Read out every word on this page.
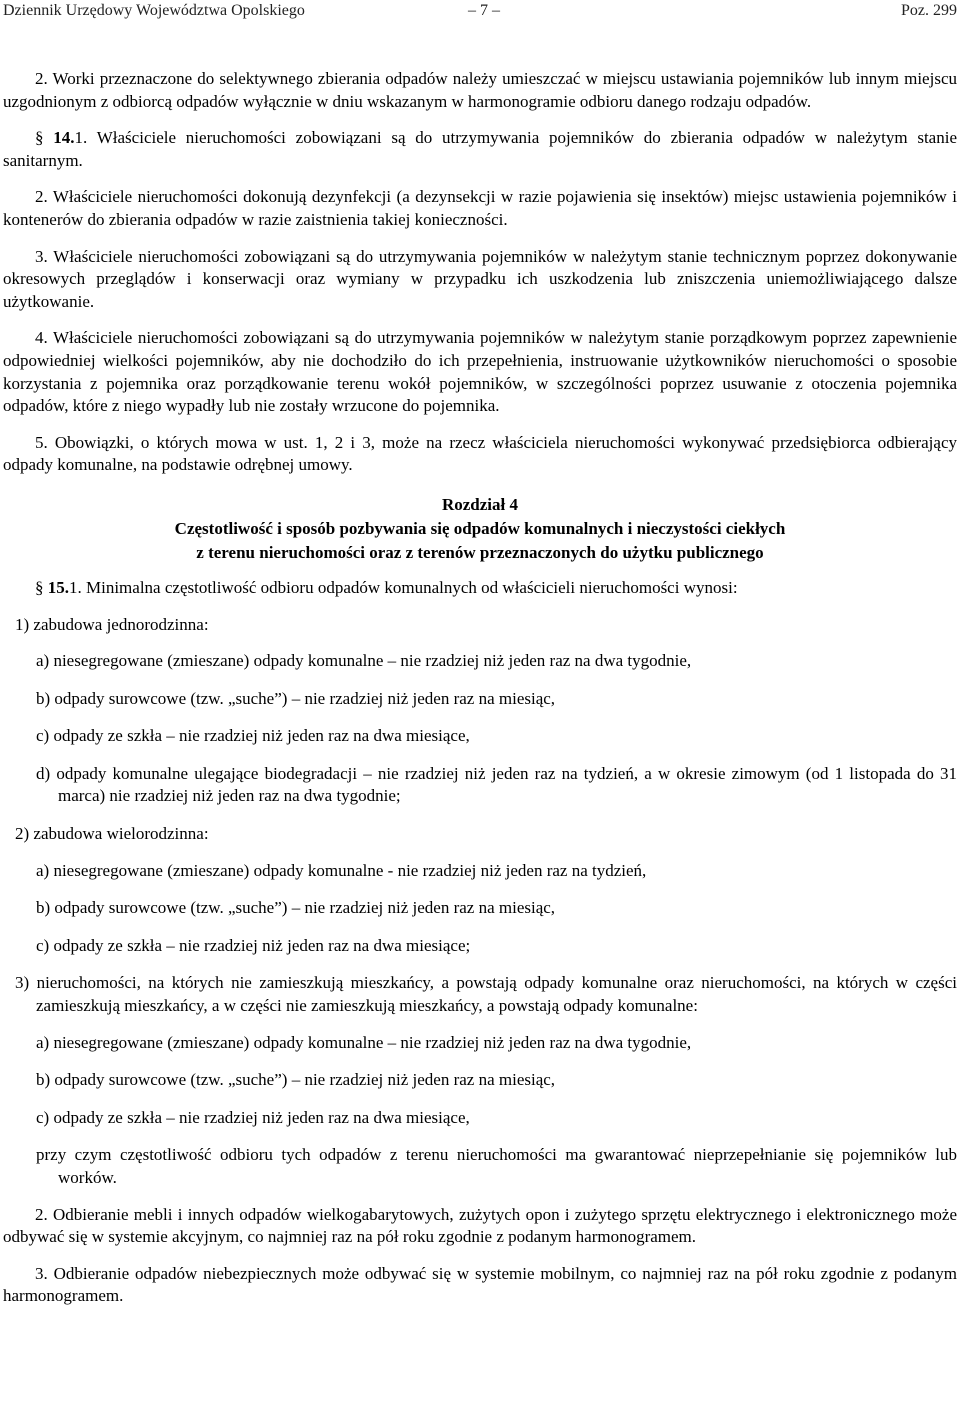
Dziennik Urzędowy Województwa Opolskiego	– 7 –	Poz. 299

2. Worki przeznaczone do selektywnego zbierania odpadów należy umieszczać w miejscu ustawiania pojemników lub innym miejscu uzgodnionym z odbiorcą odpadów wyłącznie w dniu wskazanym w harmonogramie odbioru danego rodzaju odpadów.

§ 14.1. Właściciele nieruchomości zobowiązani są do utrzymywania pojemników do zbierania odpadów w należytym stanie sanitarnym.

2. Właściciele nieruchomości dokonują dezynfekcji (a dezynsekcji w razie pojawienia się insektów) miejsc ustawienia pojemników i kontenerów do zbierania odpadów w razie zaistnienia takiej konieczności.

3. Właściciele nieruchomości zobowiązani są do utrzymywania pojemników w należytym stanie technicznym poprzez dokonywanie okresowych przeglądów i konserwacji oraz wymiany w przypadku ich uszkodzenia lub zniszczenia uniemożliwiającego dalsze użytkowanie.

4. Właściciele nieruchomości zobowiązani są do utrzymywania pojemników w należytym stanie porządkowym poprzez zapewnienie odpowiedniej wielkości pojemników, aby nie dochodziło do ich przepełnienia, instruowanie użytkowników nieruchomości o sposobie korzystania z pojemnika oraz porządkowanie terenu wokół pojemników, w szczególności poprzez usuwanie z otoczenia pojemnika odpadów, które z niego wypadły lub nie zostały wrzucone do pojemnika.

5. Obowiązki, o których mowa w ust. 1, 2 i 3, może na rzecz właściciela nieruchomości wykonywać przedsiębiorca odbierający odpady komunalne, na podstawie odrębnej umowy.

Rozdział 4
Częstotliwość i sposób pozbywania się odpadów komunalnych i nieczystości ciekłych
z terenu nieruchomości oraz z terenów przeznaczonych do użytku publicznego

§ 15.1. Minimalna częstotliwość odbioru odpadów komunalnych od właścicieli nieruchomości wynosi:

1) zabudowa jednorodzinna:

a) niesegregowane (zmieszane) odpady komunalne – nie rzadziej niż jeden raz na dwa tygodnie,

b) odpady surowcowe (tzw. „suche”) – nie rzadziej niż jeden raz na miesiąc,

c) odpady ze szkła – nie rzadziej niż jeden raz na dwa miesiące,

d) odpady komunalne ulegające biodegradacji – nie rzadziej niż jeden raz na tydzień, a w okresie zimowym (od 1 listopada do 31 marca) nie rzadziej niż jeden raz na dwa tygodnie;

2) zabudowa wielorodzinna:

a) niesegregowane (zmieszane) odpady komunalne - nie rzadziej niż jeden raz na tydzień,

b) odpady surowcowe (tzw. „suche”) – nie rzadziej niż jeden raz na miesiąc,

c) odpady ze szkła – nie rzadziej niż jeden raz na dwa miesiące;

3) nieruchomości, na których nie zamieszkują mieszkańcy, a powstają odpady komunalne oraz nieruchomości, na których w części zamieszkują mieszkańcy, a w części nie zamieszkują mieszkańcy, a powstają odpady komunalne:

a) niesegregowane (zmieszane) odpady komunalne – nie rzadziej niż jeden raz na dwa tygodnie,

b) odpady surowcowe (tzw. „suche”) – nie rzadziej niż jeden raz na miesiąc,

c) odpady ze szkła – nie rzadziej niż jeden raz na dwa miesiące,

przy czym częstotliwość odbioru tych odpadów z terenu nieruchomości ma gwarantować nieprzepełnianie się pojemników lub worków.

2. Odbieranie mebli i innych odpadów wielkogabarytowych, zużytych opon i zużytego sprzętu elektrycznego i elektronicznego może odbywać się w systemie akcyjnym, co najmniej raz na pół roku zgodnie z podanym harmonogramem.

3. Odbieranie odpadów niebezpiecznych może odbywać się w systemie mobilnym, co najmniej raz na pół roku zgodnie z podanym harmonogramem.
